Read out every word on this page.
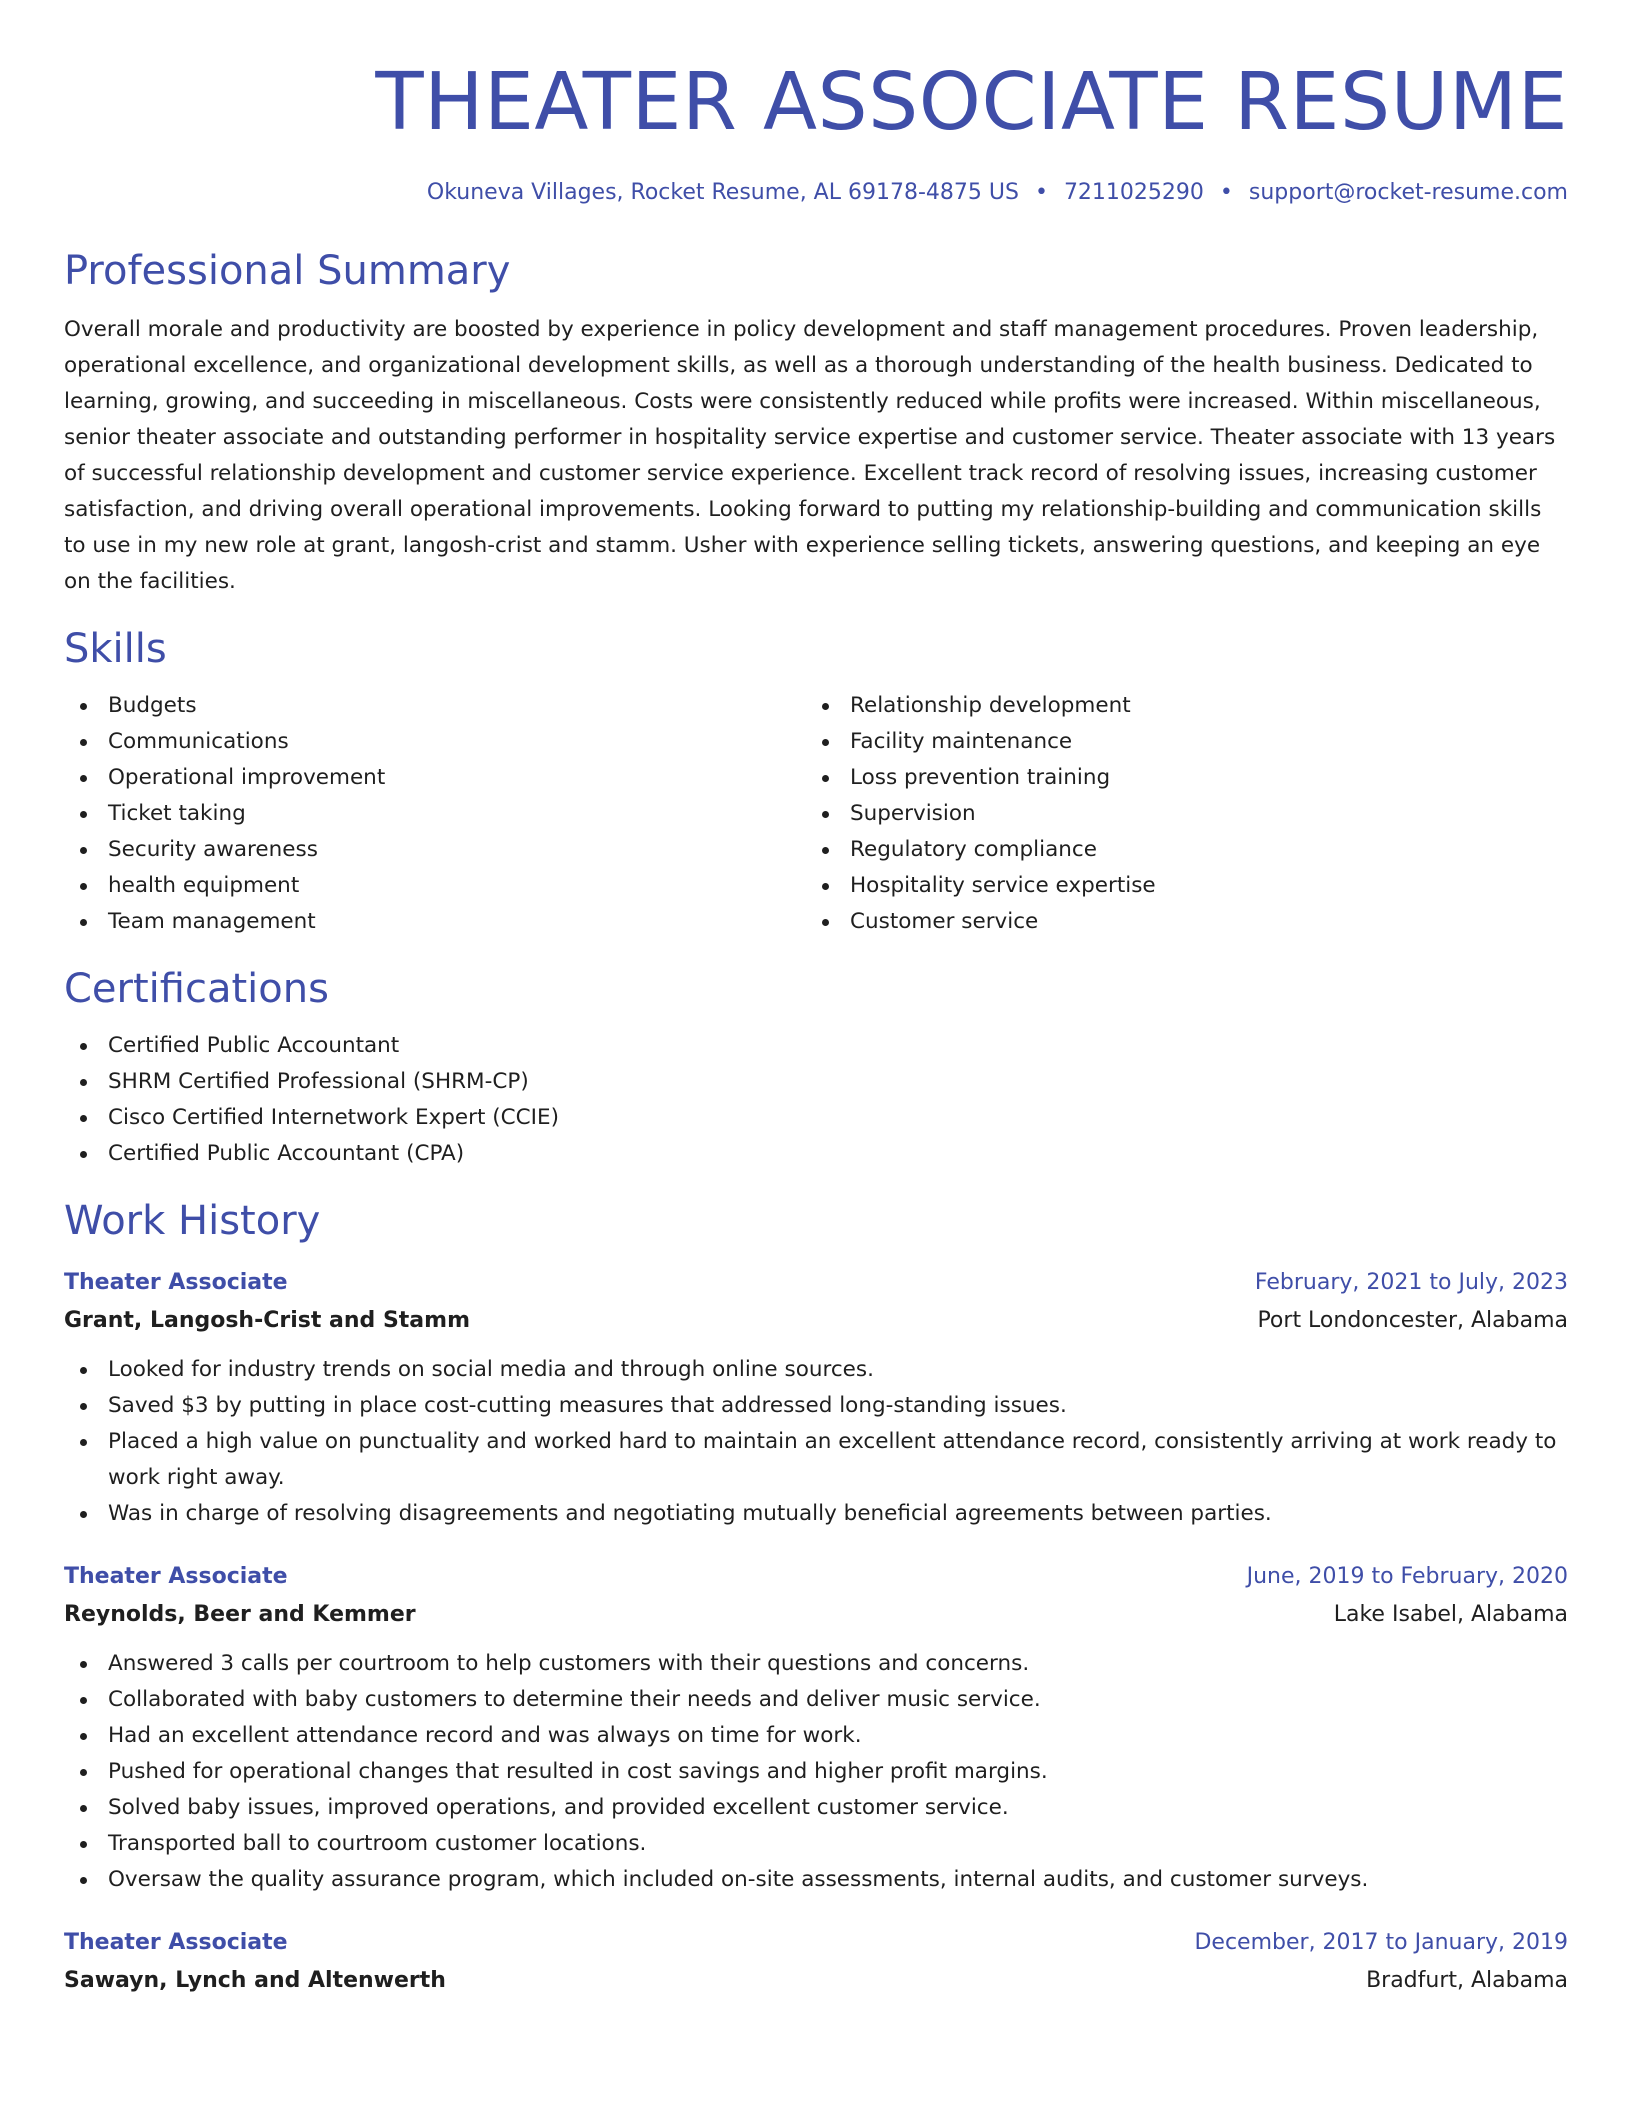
THEATER ASSOCIATE RESUME
Okuneva Villages, Rocket Resume, AL 69178-4875 US • 7211025290 • support@rocket-resume.com
Professional Summary

Overall morale and productivity are boosted by experience in policy development and staff management procedures. Proven leadership, operational excellence, and organizational development skills, as well as a thorough understanding of the health business. Dedicated to learning, growing, and succeeding in miscellaneous. Costs were consistently reduced while profits were increased. Within miscellaneous, senior theater associate and outstanding performer in hospitality service expertise and customer service. Theater associate with 13 years of successful relationship development and customer service experience. Excellent track record of resolving issues, increasing customer satisfaction, and driving overall operational improvements. Looking forward to putting my relationship-building and communication skills to use in my new role at grant, langosh-crist and stamm. Usher with experience selling tickets, answering questions, and keeping an eye on the facilities.

Skills
Budgets
Communications
Operational improvement
Ticket taking
Security awareness
health equipment
Team management
Relationship development
Facility maintenance
Loss prevention training
Supervision
Regulatory compliance
Hospitality service expertise
Customer service
Certifications
Certified Public Accountant
SHRM Certified Professional (SHRM-CP)
Cisco Certified Internetwork Expert (CCIE)
Certified Public Accountant (CPA)
Work History
Theater Associate	February, 2021 to July, 2023
Grant, Langosh-Crist and Stamm	Port Londoncester, Alabama
Looked for industry trends on social media and through online sources.
Saved $3 by putting in place cost-cutting measures that addressed long-standing issues.
Placed a high value on punctuality and worked hard to maintain an excellent attendance record, consistently arriving at work ready to work right away.
Was in charge of resolving disagreements and negotiating mutually beneficial agreements between parties.
Theater Associate	June, 2019 to February, 2020
Reynolds, Beer and Kemmer	Lake Isabel, Alabama
Answered 3 calls per courtroom to help customers with their questions and concerns.
Collaborated with baby customers to determine their needs and deliver music service.
Had an excellent attendance record and was always on time for work.
Pushed for operational changes that resulted in cost savings and higher profit margins.
Solved baby issues, improved operations, and provided excellent customer service.
Transported ball to courtroom customer locations.
Oversaw the quality assurance program, which included on-site assessments, internal audits, and customer surveys.
Theater Associate	December, 2017 to January, 2019
Sawayn, Lynch and Altenwerth	Bradfurt, Alabama
